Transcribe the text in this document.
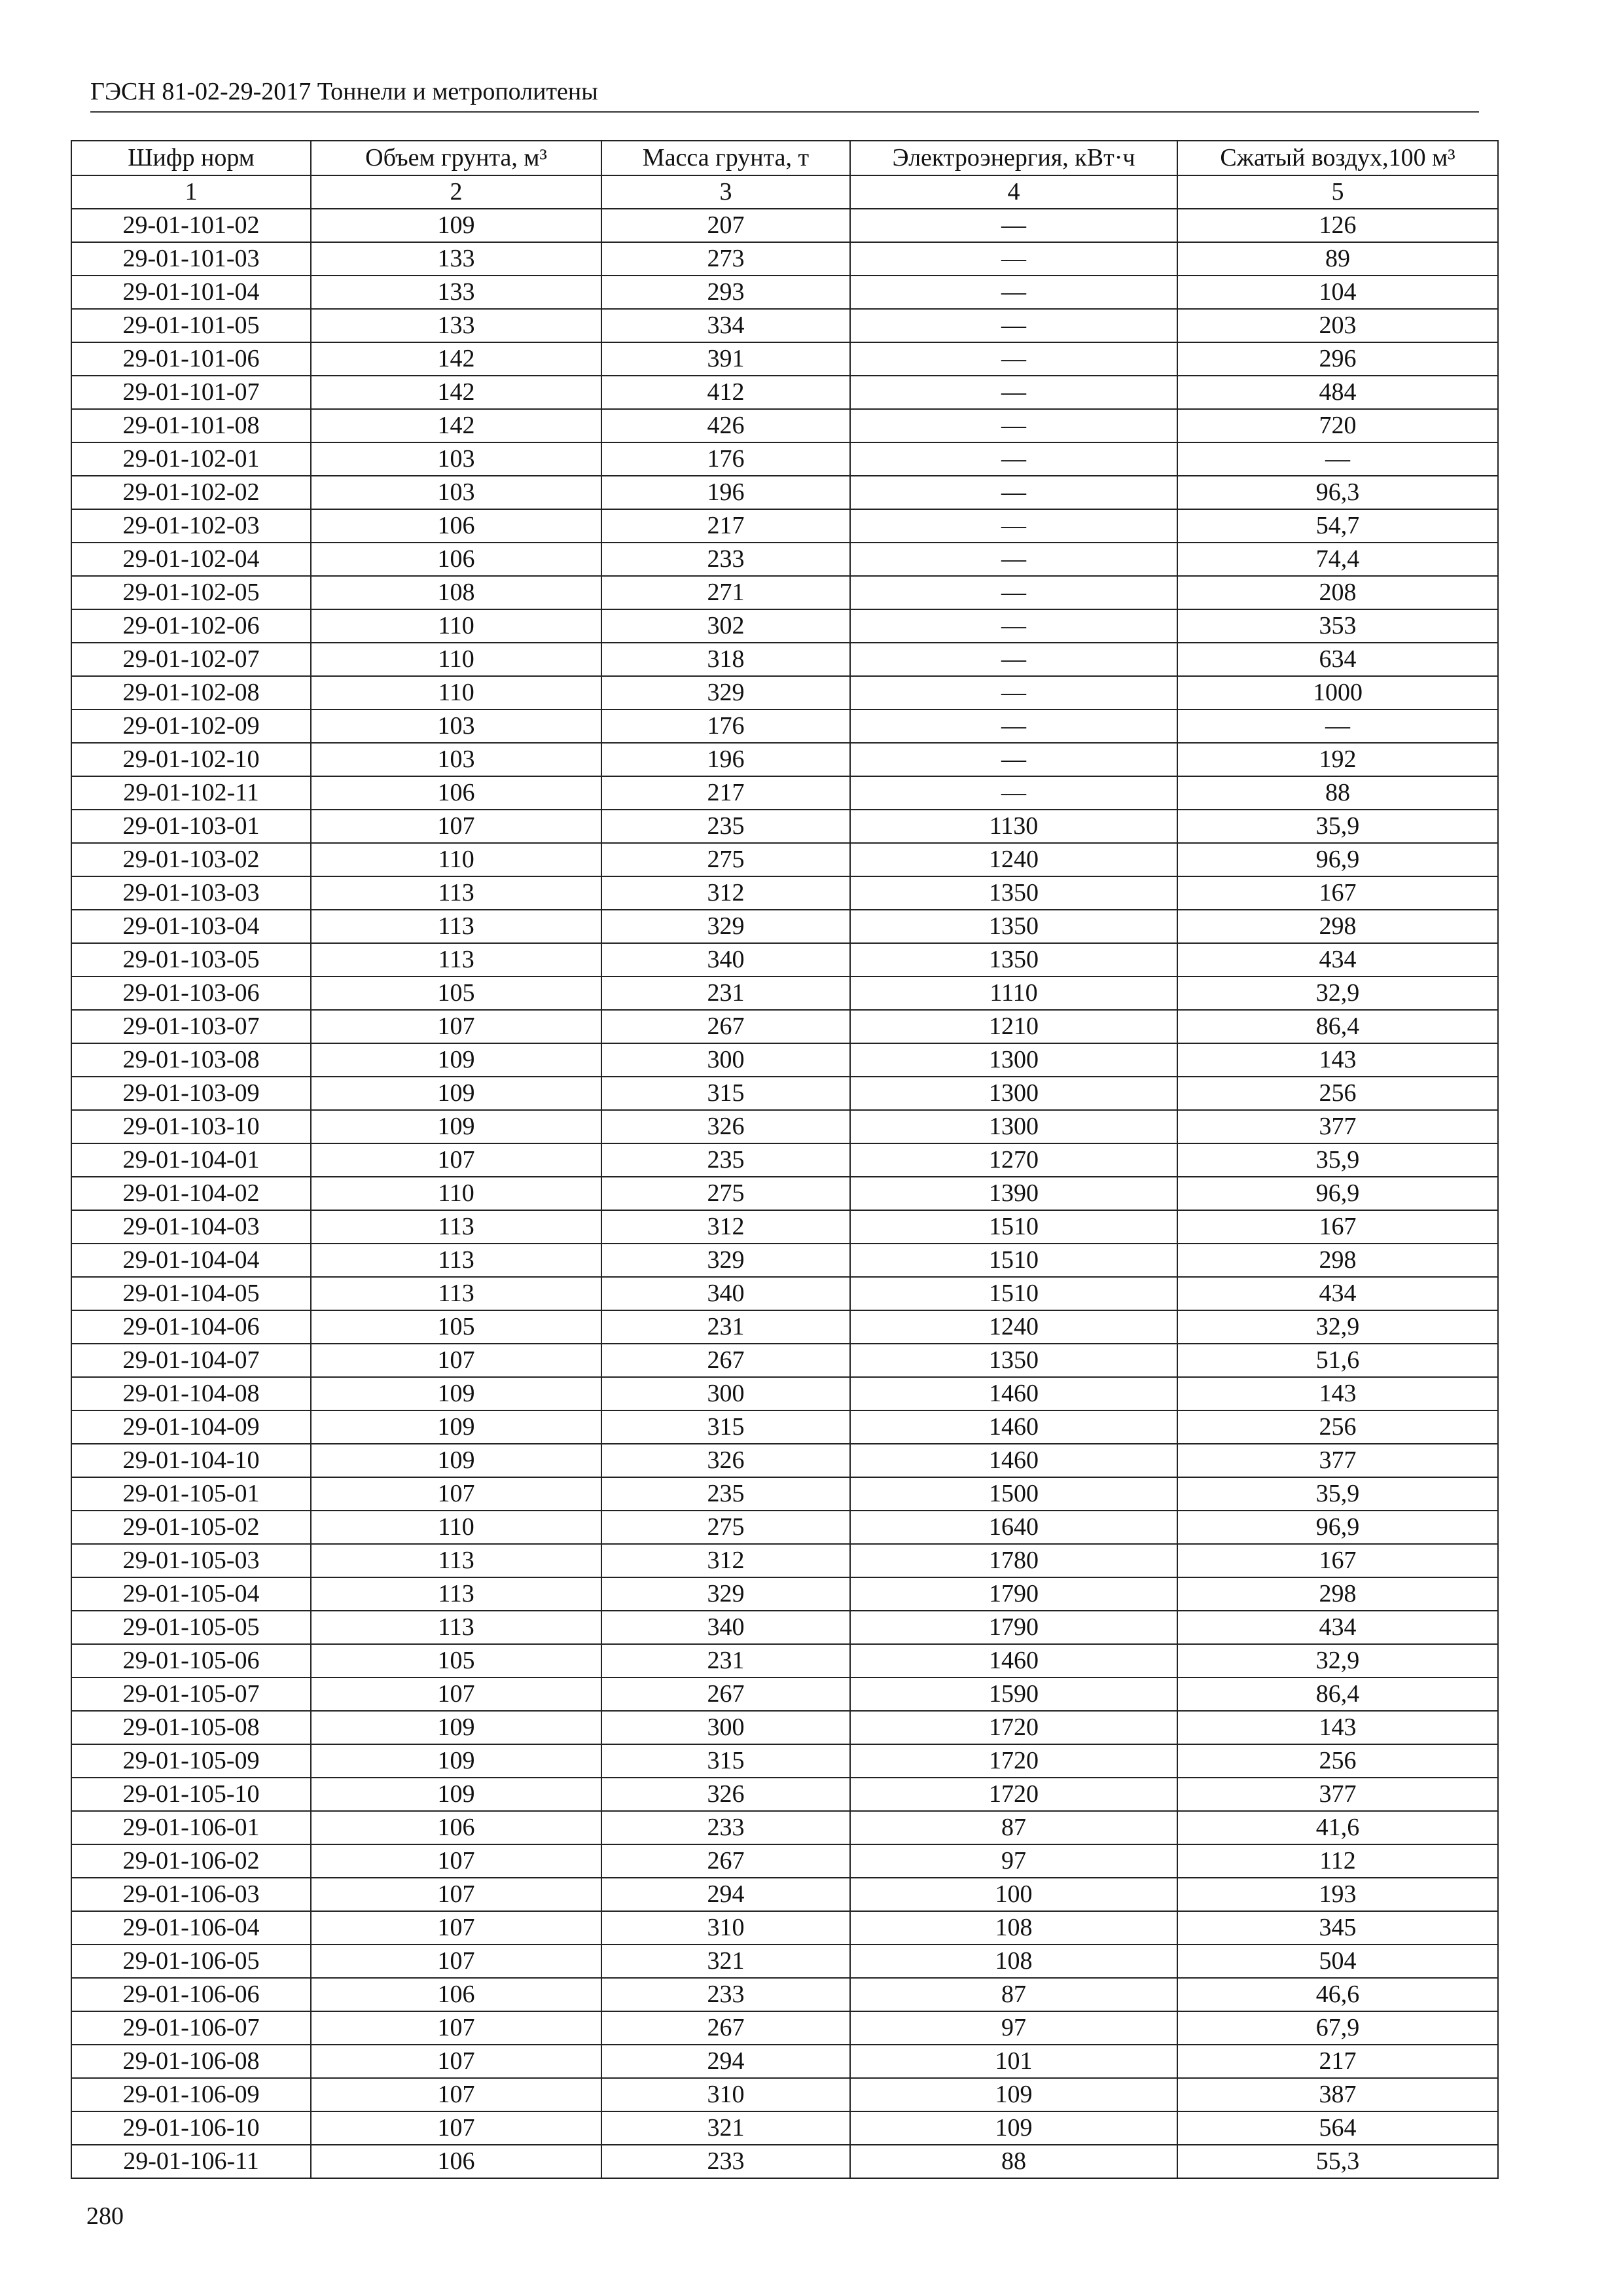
ГЭСН 81-02-29-2017 Тоннели и метрополитены
Шифр норм	Объем грунта, м³	Масса грунта, т	Электроэнергия, кВт·ч	Сжатый воздух,100 м³
1	2	3	4	5
29-01-101-02	109	207	—	126
29-01-101-03	133	273	—	89
29-01-101-04	133	293	—	104
29-01-101-05	133	334	—	203
29-01-101-06	142	391	—	296
29-01-101-07	142	412	—	484
29-01-101-08	142	426	—	720
29-01-102-01	103	176	—	—
29-01-102-02	103	196	—	96,3
29-01-102-03	106	217	—	54,7
29-01-102-04	106	233	—	74,4
29-01-102-05	108	271	—	208
29-01-102-06	110	302	—	353
29-01-102-07	110	318	—	634
29-01-102-08	110	329	—	1000
29-01-102-09	103	176	—	—
29-01-102-10	103	196	—	192
29-01-102-11	106	217	—	88
29-01-103-01	107	235	1130	35,9
29-01-103-02	110	275	1240	96,9
29-01-103-03	113	312	1350	167
29-01-103-04	113	329	1350	298
29-01-103-05	113	340	1350	434
29-01-103-06	105	231	1110	32,9
29-01-103-07	107	267	1210	86,4
29-01-103-08	109	300	1300	143
29-01-103-09	109	315	1300	256
29-01-103-10	109	326	1300	377
29-01-104-01	107	235	1270	35,9
29-01-104-02	110	275	1390	96,9
29-01-104-03	113	312	1510	167
29-01-104-04	113	329	1510	298
29-01-104-05	113	340	1510	434
29-01-104-06	105	231	1240	32,9
29-01-104-07	107	267	1350	51,6
29-01-104-08	109	300	1460	143
29-01-104-09	109	315	1460	256
29-01-104-10	109	326	1460	377
29-01-105-01	107	235	1500	35,9
29-01-105-02	110	275	1640	96,9
29-01-105-03	113	312	1780	167
29-01-105-04	113	329	1790	298
29-01-105-05	113	340	1790	434
29-01-105-06	105	231	1460	32,9
29-01-105-07	107	267	1590	86,4
29-01-105-08	109	300	1720	143
29-01-105-09	109	315	1720	256
29-01-105-10	109	326	1720	377
29-01-106-01	106	233	87	41,6
29-01-106-02	107	267	97	112
29-01-106-03	107	294	100	193
29-01-106-04	107	310	108	345
29-01-106-05	107	321	108	504
29-01-106-06	106	233	87	46,6
29-01-106-07	107	267	97	67,9
29-01-106-08	107	294	101	217
29-01-106-09	107	310	109	387
29-01-106-10	107	321	109	564
29-01-106-11	106	233	88	55,3
280
